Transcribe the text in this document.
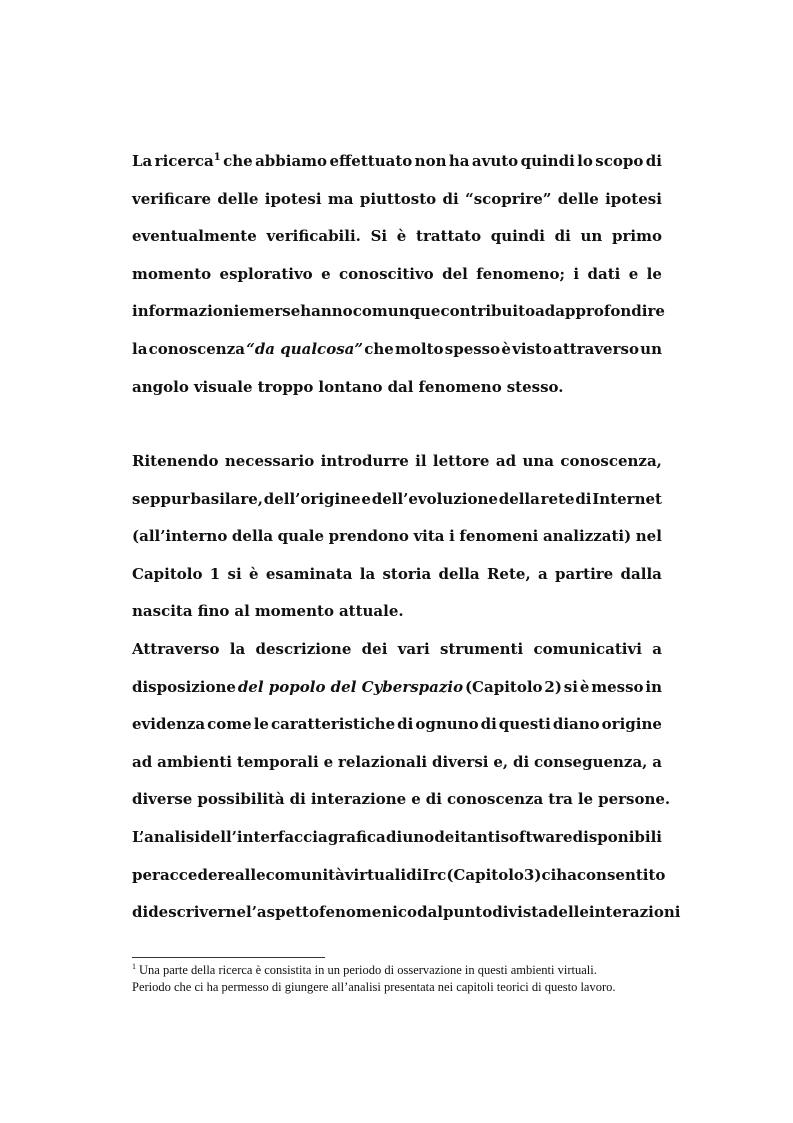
La ricerca$^1$ che abbiamo effettuato non ha avuto quindi lo scopo di
verificare delle ipotesi ma piuttosto di “scoprire” delle ipotesi
eventualmente verificabili. Si è trattato quindi di un primo
momento esplorativo e conoscitivo del fenomeno; i dati e le
informazioni emerse hanno comunque contribuito ad approfondire
la conoscenza “da qualcosa” che molto spesso è visto attraverso un
angolo visuale troppo lontano dal fenomeno stesso.
Ritenendo necessario introdurre il lettore ad una conoscenza,
seppur basilare, dell’origine e dell’evoluzione della rete di Internet
(all’interno della quale prendono vita i fenomeni analizzati) nel
Capitolo 1 si è esaminata la storia della Rete, a partire dalla
nascita fino al momento attuale.
Attraverso la descrizione dei vari strumenti comunicativi a
disposizione del popolo del Cyberspazio (Capitolo 2) si è messo in
evidenza come le caratteristiche di ognuno di questi diano origine
ad ambienti temporali e relazionali diversi e, di conseguenza, a
diverse possibilità di interazione e di conoscenza tra le persone.
L’analisi dell’interfaccia grafica di uno dei tanti software disponibili
per accedere alle comunità virtuali di Irc (Capitolo 3) ci ha consentito
di descriverne l’aspetto fenomenico dal punto di vista delle interazioni
$^1$ Una parte della ricerca è consistita in un periodo di osservazione in questi ambienti virtuali.
Periodo che ci ha permesso di giungere all’analisi presentata nei capitoli teorici di questo lavoro.
